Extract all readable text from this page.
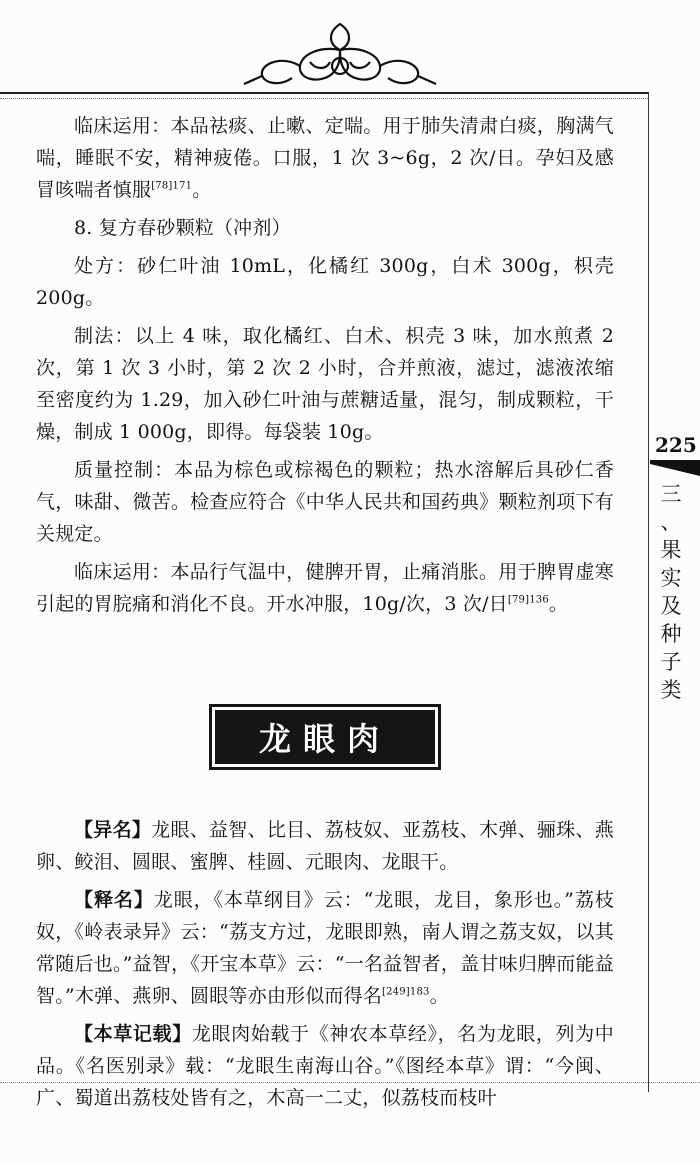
225
三
、
果
实
及
种
子
类

临床运用：本品祛痰、止嗽、定喘。用于肺失清肃白痰，胸满气喘，睡眠不安，精神疲倦。口服，1 次 3~6g，2 次/日。孕妇及感冒咳喘者慎服$^{[78]171}$。

8. 复方春砂颗粒（冲剂）

处方：砂仁叶油 10mL，化橘红 300g，白术 300g，枳壳 200g。

制法：以上 4 味，取化橘红、白术、枳壳 3 味，加水煎煮 2 次，第 1 次 3 小时，第 2 次 2 小时，合并煎液，滤过，滤液浓缩至密度约为 1.29，加入砂仁叶油与蔗糖适量，混匀，制成颗粒，干燥，制成 1 000g，即得。每袋装 10g。

质量控制：本品为棕色或棕褐色的颗粒；热水溶解后具砂仁香气，味甜、微苦。检查应符合《中华人民共和国药典》颗粒剂项下有关规定。

临床运用：本品行气温中，健脾开胃，止痛消胀。用于脾胃虚寒引起的胃脘痛和消化不良。开水冲服，10g/次，3 次/日$^{[79]136}$。

龙眼肉

【异名】龙眼、益智、比目、荔枝奴、亚荔枝、木弹、骊珠、燕卵、鲛泪、圆眼、蜜脾、桂圆、元眼肉、龙眼干。

【释名】龙眼，《本草纲目》云：“龙眼，龙目，象形也。”荔枝奴，《岭表录异》云：“荔支方过，龙眼即熟，南人谓之荔支奴，以其常随后也。”益智，《开宝本草》云：“一名益智者，盖甘味归脾而能益智。”木弹、燕卵、圆眼等亦由形似而得名$^{[249]183}$。

【本草记载】龙眼肉始载于《神农本草经》，名为龙眼，列为中品。《名医别录》载：“龙眼生南海山谷。”《图经本草》谓：“今闽、广、蜀道出荔枝处皆有之，木高一二丈，似荔枝而枝叶
